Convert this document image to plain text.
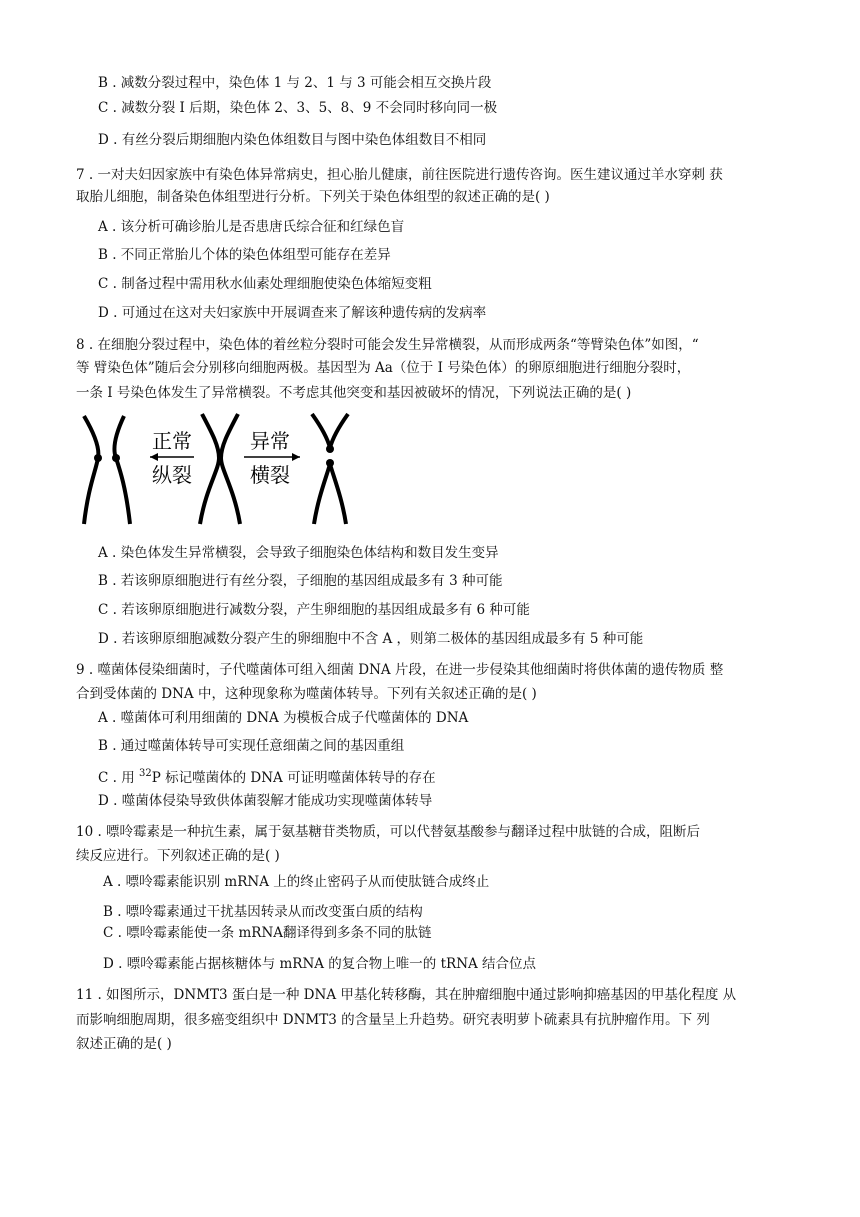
B . 减数分裂过程中，染色体 1 与 2、1 与 3 可能会相互交换片段
C . 减数分裂 I 后期，染色体 2、3、5、8、9 不会同时移向同一极
D . 有丝分裂后期细胞内染色体组数目与图中染色体组数目不相同
7 . 一对夫妇因家族中有染色体异常病史，担心胎儿健康，前往医院进行遗传咨询。医生建议通过羊水穿刺 获
取胎儿细胞，制备染色体组型进行分析。下列关于染色体组型的叙述正确的是( )
A . 该分析可确诊胎儿是否患唐氏综合征和红绿色盲
B . 不同正常胎儿个体的染色体组型可能存在差异
C . 制备过程中需用秋水仙素处理细胞使染色体缩短变粗
D . 可通过在这对夫妇家族中开展调查来了解该种遗传病的发病率
8 . 在细胞分裂过程中，染色体的着丝粒分裂时可能会发生异常横裂，从而形成两条“等臂染色体”如图，“
等 臂染色体”随后会分别移向细胞两极。基因型为 Aa（位于 I 号染色体）的卵原细胞进行细胞分裂时，
一条 I 号染色体发生了异常横裂。不考虑其他突变和基因被破坏的情况，下列说法正确的是( )
正常
纵裂
异常
横裂
A . 染色体发生异常横裂，会导致子细胞染色体结构和数目发生变异
B . 若该卵原细胞进行有丝分裂，子细胞的基因组成最多有 3 种可能
C . 若该卵原细胞进行减数分裂，产生卵细胞的基因组成最多有 6 种可能
D . 若该卵原细胞减数分裂产生的卵细胞中不含 A ，则第二极体的基因组成最多有 5 种可能
9 . 噬菌体侵染细菌时，子代噬菌体可组入细菌 DNA 片段，在进一步侵染其他细菌时将供体菌的遗传物质 整
合到受体菌的 DNA 中，这种现象称为噬菌体转导。下列有关叙述正确的是( )
A . 噬菌体可利用细菌的 DNA 为模板合成子代噬菌体的 DNA
B . 通过噬菌体转导可实现任意细菌之间的基因重组
C . 用 $^{32}$P 标记噬菌体的 DNA 可证明噬菌体转导的存在
D . 噬菌体侵染导致供体菌裂解才能成功实现噬菌体转导
10 . 嘌呤霉素是一种抗生素，属于氨基糖苷类物质，可以代替氨基酸参与翻译过程中肽链的合成，阻断后
续反应进行。下列叙述正确的是( )
A . 嘌呤霉素能识别 mRNA 上的终止密码子从而使肽链合成终止
B . 嘌呤霉素通过干扰基因转录从而改变蛋白质的结构
C . 嘌呤霉素能使一条 mRNA翻译得到多条不同的肽链
D . 嘌呤霉素能占据核糖体与 mRNA 的复合物上唯一的 tRNA 结合位点
11 . 如图所示，DNMT3 蛋白是一种 DNA 甲基化转移酶，其在肿瘤细胞中通过影响抑癌基因的甲基化程度 从
而影响细胞周期，很多癌变组织中 DNMT3 的含量呈上升趋势。研究表明萝卜硫素具有抗肿瘤作用。下 列
叙述正确的是( )
